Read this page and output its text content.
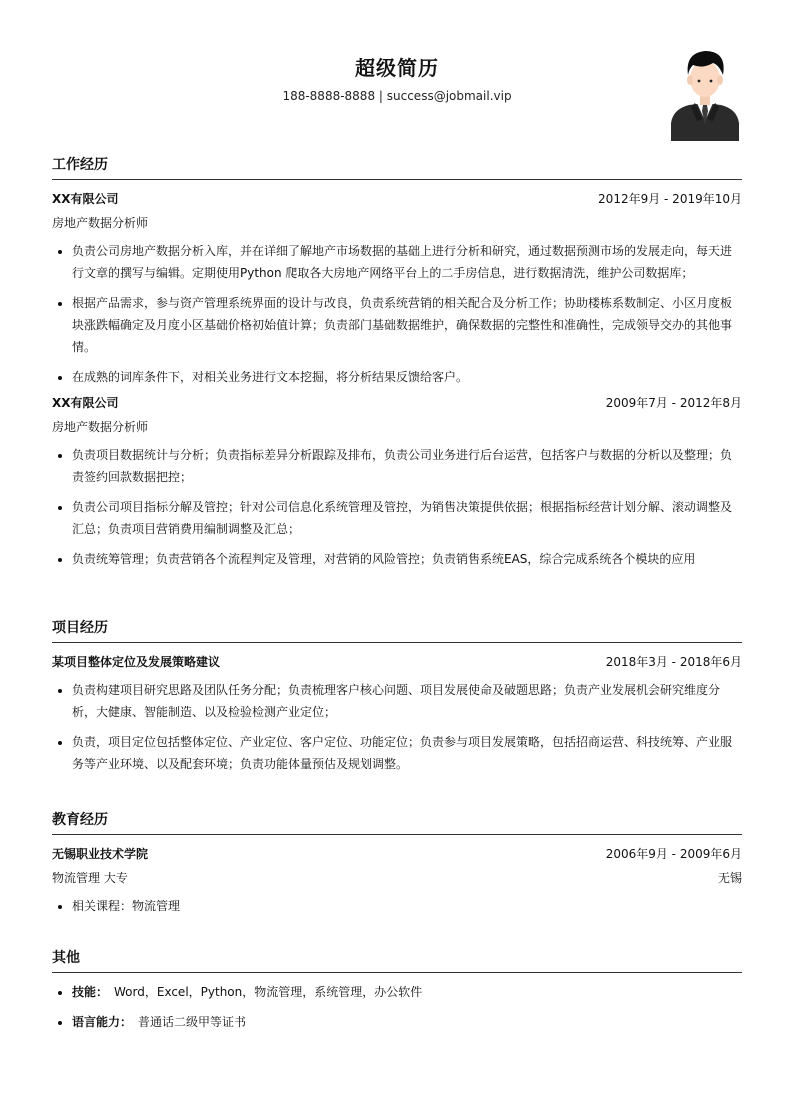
超级简历
188-8888-8888 | success@jobmail.vip
工作经历
XX有限公司	2012年9月 - 2019年10月
房地产数据分析师
• 负责公司房地产数据分析入库，并在详细了解地产市场数据的基础上进行分析和研究，通过数据预测市场的发展走向，每天进行文章的撰写与编辑。定期使用Python 爬取各大房地产网络平台上的二手房信息，进行数据清洗，维护公司数据库；
• 根据产品需求，参与资产管理系统界面的设计与改良，负责系统营销的相关配合及分析工作；协助楼栋系数制定、小区月度板块涨跌幅确定及月度小区基础价格初始值计算；负责部门基础数据维护，确保数据的完整性和准确性，完成领导交办的其他事情。
• 在成熟的词库条件下，对相关业务进行文本挖掘，将分析结果反馈给客户。
XX有限公司	2009年7月 - 2012年8月
房地产数据分析师
• 负责项目数据统计与分析；负责指标差异分析跟踪及排布，负责公司业务进行后台运营，包括客户与数据的分析以及整理；负责签约回款数据把控；
• 负责公司项目指标分解及管控；针对公司信息化系统管理及管控，为销售决策提供依据；根据指标经营计划分解、滚动调整及汇总；负责项目营销费用编制调整及汇总；
• 负责统筹管理；负责营销各个流程判定及管理，对营销的风险管控；负责销售系统EAS，综合完成系统各个模块的应用
项目经历
某项目整体定位及发展策略建议	2018年3月 - 2018年6月
• 负责构建项目研究思路及团队任务分配；负责梳理客户核心问题、项目发展使命及破题思路；负责产业发展机会研究维度分析，大健康、智能制造、以及检验检测产业定位；
• 负责，项目定位包括整体定位、产业定位、客户定位、功能定位；负责参与项目发展策略，包括招商运营、科技统筹、产业服务等产业环境、以及配套环境；负责功能体量预估及规划调整。
教育经历
无锡职业技术学院	2006年9月 - 2009年6月
物流管理 大专	无锡
• 相关课程：物流管理
其他
• 技能： Word，Excel，Python，物流管理，系统管理，办公软件
• 语言能力： 普通话二级甲等证书
